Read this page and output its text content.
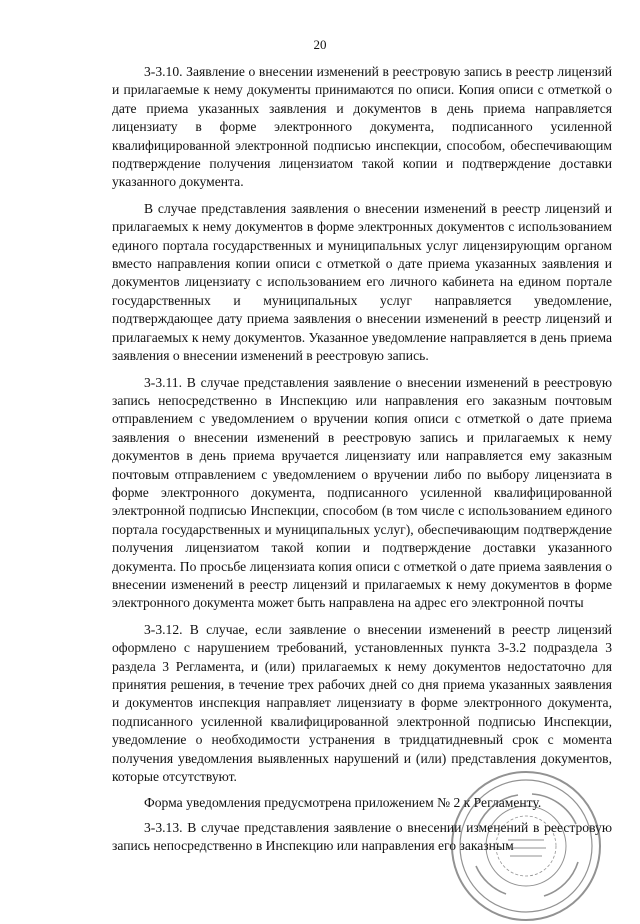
20

3-3.10. Заявление о внесении изменений в реестровую запись в реестр лицензий и прилагаемые к нему документы принимаются по описи. Копия описи с отметкой о дате приема указанных заявления и документов в день приема направляется лицензиату в форме электронного документа, подписанного усиленной квалифицированной электронной подписью инспекции, способом, обеспечивающим подтверждение получения лицензиатом такой копии и подтверждение доставки указанного документа.

В случае представления заявления о внесении изменений в реестр лицензий и прилагаемых к нему документов в форме электронных документов с использованием единого портала государственных и муниципальных услуг лицензирующим органом вместо направления копии описи с отметкой о дате приема указанных заявления и документов лицензиату с использованием его личного кабинета на едином портале государственных и муниципальных услуг направляется уведомление, подтверждающее дату приема заявления о внесении изменений в реестр лицензий и прилагаемых к нему документов. Указанное уведомление направляется в день приема заявления о внесении изменений в реестровую запись.

3-3.11. В случае представления заявление о внесении изменений в реестровую запись непосредственно в Инспекцию или направления его заказным почтовым отправлением с уведомлением о вручении копия описи с отметкой о дате приема заявления о внесении изменений в реестровую запись и прилагаемых к нему документов в день приема вручается лицензиату или направляется ему заказным почтовым отправлением с уведомлением о вручении либо по выбору лицензиата в форме электронного документа, подписанного усиленной квалифицированной электронной подписью Инспекции, способом (в том числе с использованием единого портала государственных и муниципальных услуг), обеспечивающим подтверждение получения лицензиатом такой копии и подтверждение доставки указанного документа. По просьбе лицензиата копия описи с отметкой о дате приема заявления о внесении изменений в реестр лицензий и прилагаемых к нему документов в форме электронного документа может быть направлена на адрес его электронной почты

3-3.12. В случае, если заявление о внесении изменений в реестр лицензий оформлено с нарушением требований, установленных пункта 3-3.2 подраздела 3 раздела 3 Регламента, и (или) прилагаемых к нему документов недостаточно для принятия решения, в течение трех рабочих дней со дня приема указанных заявления и документов инспекция направляет лицензиату в форме электронного документа, подписанного усиленной квалифицированной электронной подписью Инспекции, уведомление о необходимости устранения в тридцатидневный срок с момента получения уведомления выявленных нарушений и (или) представления документов, которые отсутствуют.

Форма уведомления предусмотрена приложением № 2 к Регламенту.

3-3.13. В случае представления заявление о внесении изменений в реестровую запись непосредственно в Инспекцию или направления его заказным
